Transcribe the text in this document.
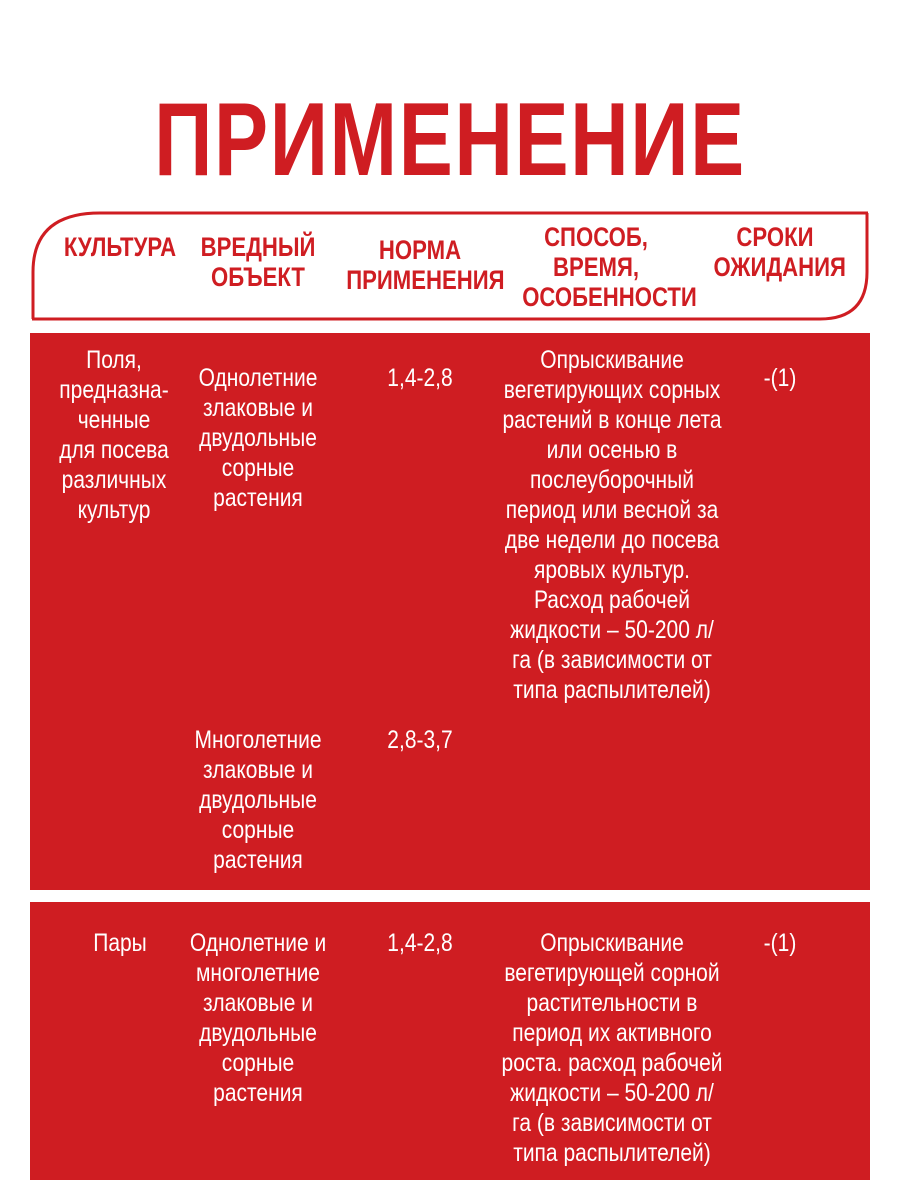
ПРИМЕНЕНИЕ
КУЛЬТУРА ВРЕДНЫЙ
ОБЪЕКТ
НОРМА
ПРИМЕНЕНИЯ
СПОСОБ,
ВРЕМЯ,
ОСОБЕННОСТИ
СРОКИ
ОЖИДАНИЯ
Поля,
предназна-
ченные
для посева
различных
культур
Однолетние
злаковые и
двудольные
сорные
растения
1,4-2,8
Опрыскивание
вегетирующих сорных
растений в конце лета
или осенью в
послеуборочный
период или весной за
две недели до посева
яровых культур.
Расход рабочей
жидкости – 50-200 л/
га (в зависимости от
типа распылителей)
-(1)
Многолетние
злаковые и
двудольные
сорные
растения
2,8-3,7
Пары	Однолетние и
многолетние
злаковые и
двудольные
сорные
растения
1,4-2,8	Опрыскивание
вегетирующей сорной
растительности в
период их активного
роста. расход рабочей
жидкости – 50-200 л/
га (в зависимости от
типа распылителей)
-(1)
